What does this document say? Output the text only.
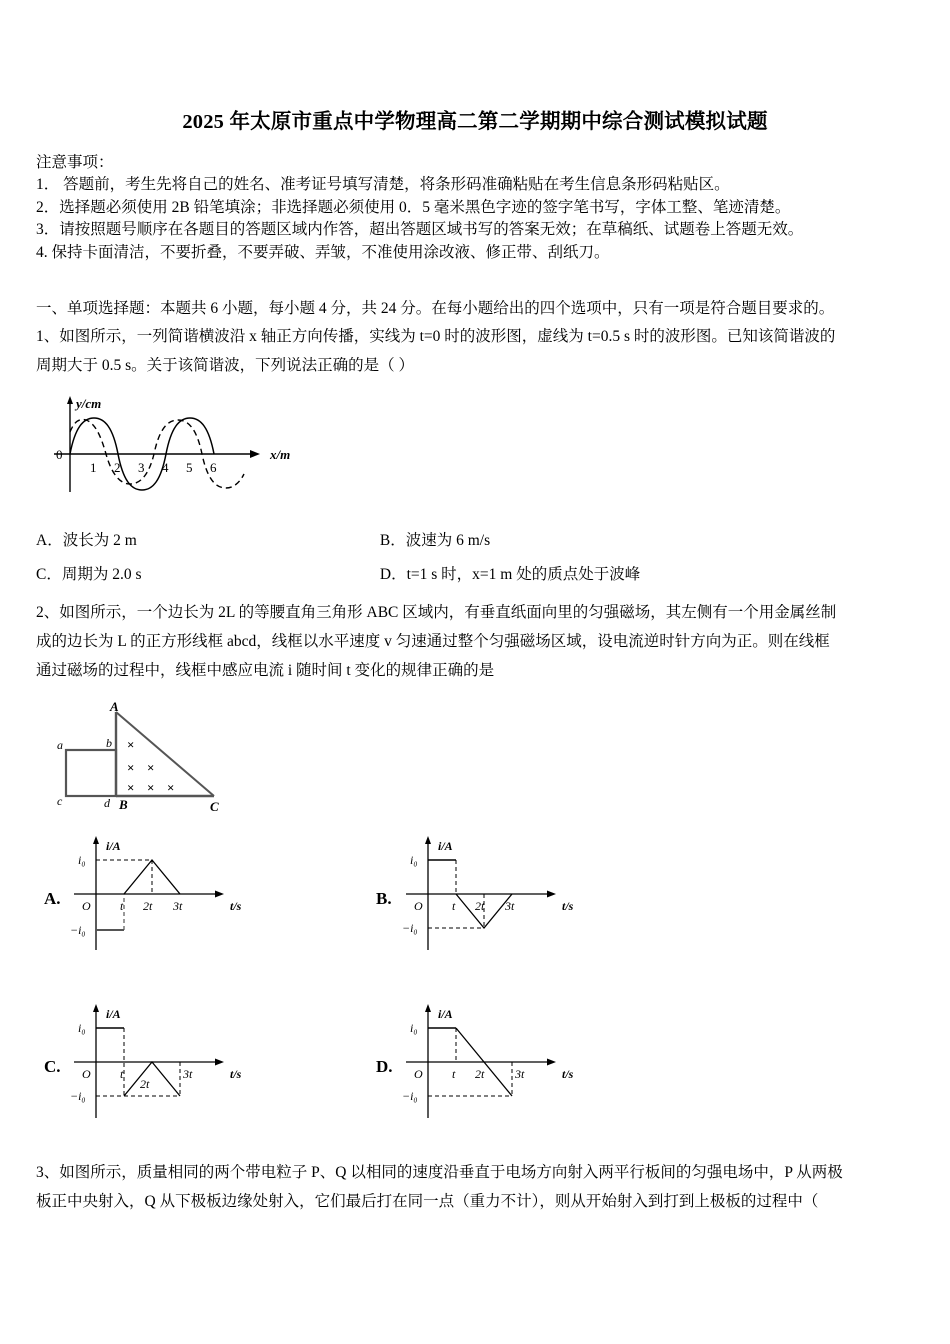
2025 年太原市重点中学物理高二第二学期期中综合测试模拟试题
注意事项：
1． 答题前，考生先将自己的姓名、准考证号填写清楚，将条形码准确粘贴在考生信息条形码粘贴区。
2．选择题必须使用 2B 铅笔填涂；非选择题必须使用 0．5 毫米黑色字迹的签字笔书写，字体工整、笔迹清楚。
3．请按照题号顺序在各题目的答题区域内作答，超出答题区域书写的答案无效；在草稿纸、试题卷上答题无效。
4. 保持卡面清洁，不要折叠，不要弄破、弄皱，不准使用涂改液、修正带、刮纸刀。
一、单项选择题：本题共 6 小题，每小题 4 分，共 24 分。在每小题给出的四个选项中，只有一项是符合题目要求的。
1、如图所示，一列简谐横波沿 x 轴正方向传播，实线为 t=0 时的波形图，虚线为 t=0.5 s 时的波形图。已知该简谐波的
周期大于 0.5 s。关于该简谐波，下列说法正确的是（ ）
y/cm
x/m
0
1 2 3 4 5 6
A．波长为 2 m	B．波速为 6 m/s
C．周期为 2.0 s	D．t=1 s 时，x=1 m 处的质点处于波峰
2、如图所示，一个边长为 2L 的等腰直角三角形 ABC 区域内，有垂直纸面向里的匀强磁场，其左侧有一个用金属丝制
成的边长为 L 的正方形线框 abcd，线框以水平速度 v 匀速通过整个匀强磁场区域，设电流逆时针方向为正。则在线框
通过磁场的过程中，线框中感应电流 i 随时间 t 变化的规律正确的是
×
× ×
× × ×
A
B	C
a	b
c	d
A.
i/A
t/s
O
i₀
−i₀
t 2t 3t	B.
i/A
t/s
O
i₀
−i₀
t 2t 3t
C.
i/A
t/s
O
i₀
−i₀
t
2t
3t	D.
i/A
t/s
O
i₀
−i₀
t 2t	3t
3、如图所示，质量相同的两个带电粒子 P、Q 以相同的速度沿垂直于电场方向射入两平行板间的匀强电场中，P 从两极
板正中央射入，Q 从下极板边缘处射入，它们最后打在同一点（重力不计），则从开始射入到打到上极板的过程中（
